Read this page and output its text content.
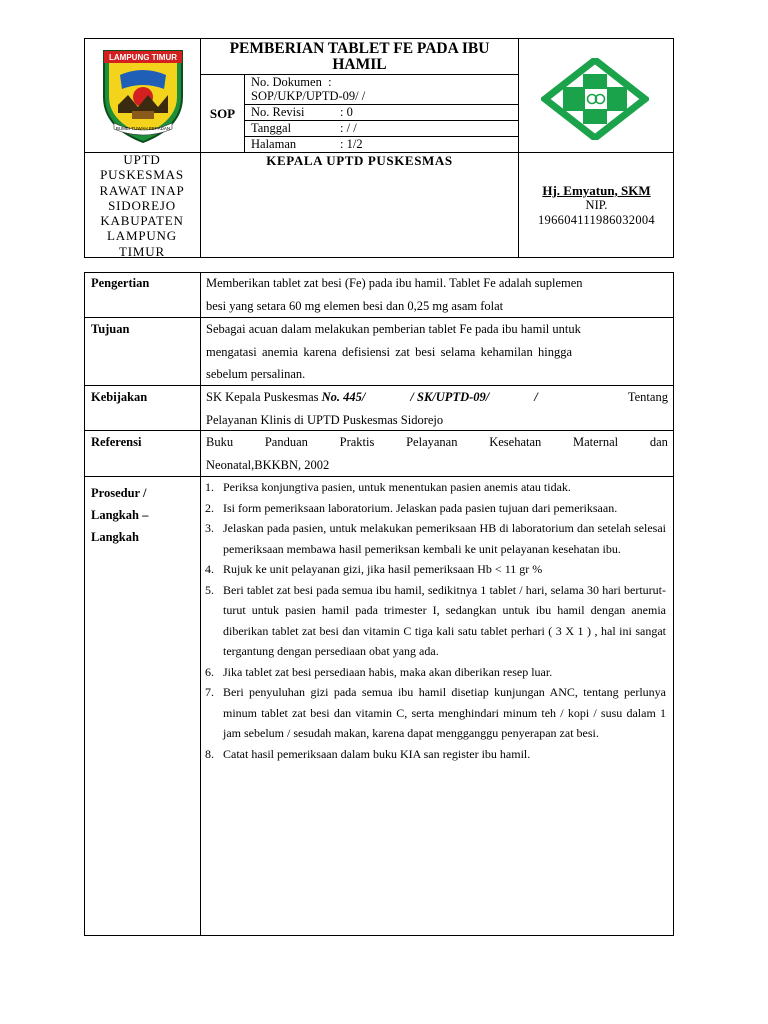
LAMPUNG TIMUR
BUMEI TUWAH BEPADAN
PEMBERIAN TABLET FE PADA IBU HAMIL
SOP
No. Dokumen :
SOP/UKP/UPTD-09/ /
No. Revisi	: 0
Tanggal	: / /
Halaman	: 1/2
UPTD
PUSKESMAS
RAWAT INAP
SIDOREJO
KABUPATEN
LAMPUNG
TIMUR
KEPALA UPTD PUSKESMAS
Hj. Emyatun, SKM
NIP.
196604111986032004
Pengertian	Memberikan tablet zat besi (Fe) pada ibu hamil. Tablet Fe adalah suplemen
besi yang setara 60 mg elemen besi dan 0,25 mg asam folat
Tujuan	Sebagai acuan dalam melakukan pemberian tablet Fe pada ibu hamil untuk
mengatasi anemia karena defisiensi zat besi selama kehamilan hingga
sebelum persalinan.
Kebijakan	SK Kepala Puskesmas No. 445/	/ SK/UPTD-09/	/	Tentang
Pelayanan Klinis di UPTD Puskesmas Sidorejo
Referensi	Buku	Panduan	Praktis	Pelayanan	Kesehatan	Maternal	dan
Neonatal,BKKBN, 2002
Prosedur /
Langkah –
Langkah
1. Periksa konjungtiva pasien, untuk menentukan pasien anemis atau tidak.
2. Isi form pemeriksaan laboratorium. Jelaskan pada pasien tujuan dari pemeriksaan.
3. Jelaskan pada pasien, untuk melakukan pemeriksaan HB di laboratorium dan setelah selesai pemeriksaan membawa hasil pemeriksan kembali ke unit pelayanan kesehatan ibu.
4. Rujuk ke unit pelayanan gizi, jika hasil pemeriksaan Hb < 11 gr %
5. Beri tablet zat besi pada semua ibu hamil, sedikitnya 1 tablet / hari, selama 30 hari berturut-turut untuk pasien hamil pada trimester I, sedangkan untuk ibu hamil dengan anemia diberikan tablet zat besi dan vitamin C tiga kali satu tablet perhari ( 3 X 1 ) , hal ini sangat tergantung dengan persediaan obat yang ada.
6. Jika tablet zat besi persediaan habis, maka akan diberikan resep luar.
7. Beri penyuluhan gizi pada semua ibu hamil disetiap kunjungan ANC, tentang perlunya minum tablet zat besi dan vitamin C, serta menghindari minum teh / kopi / susu dalam 1 jam sebelum / sesudah makan, karena dapat mengganggu penyerapan zat besi.
8. Catat hasil pemeriksaan dalam buku KIA san register ibu hamil.
